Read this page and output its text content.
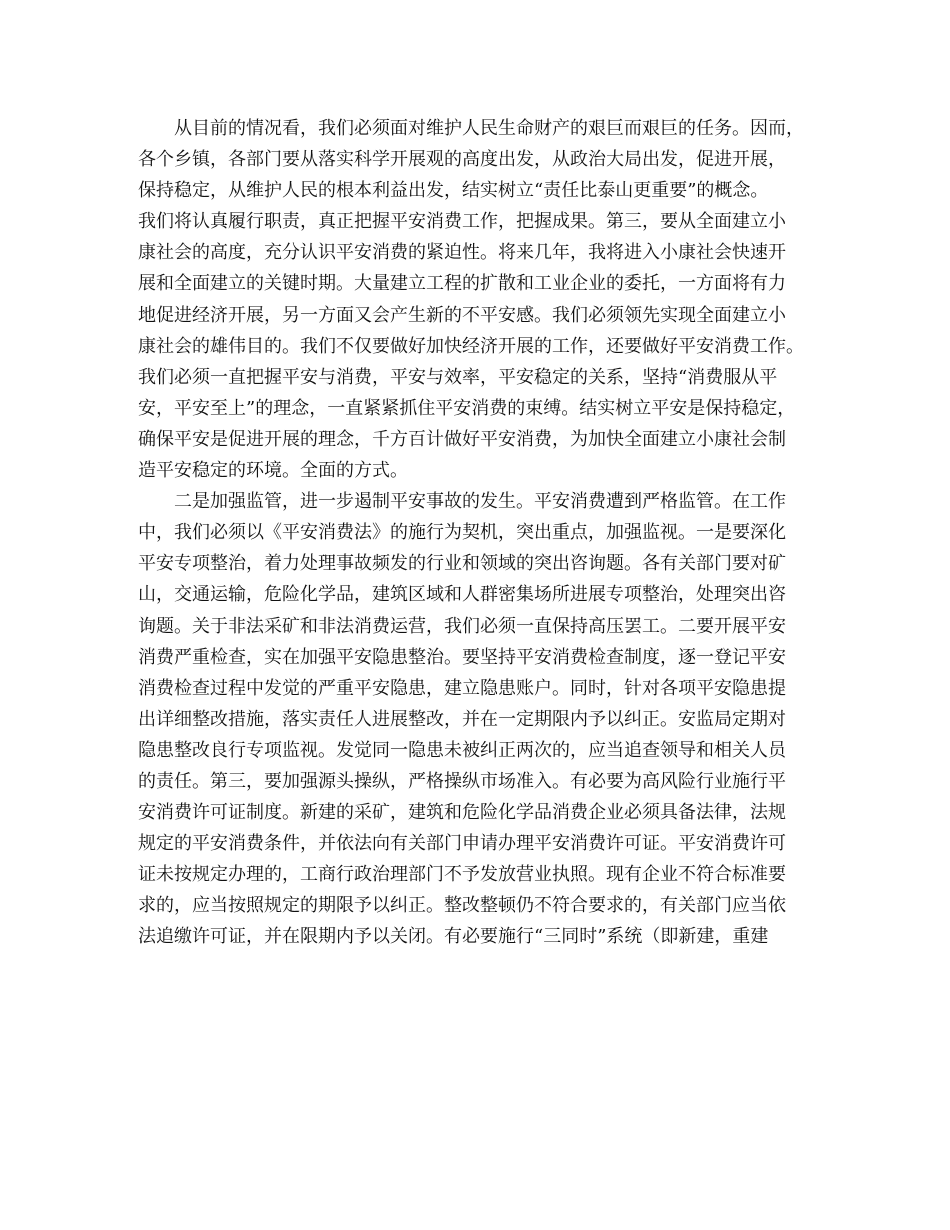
从目前的情况看，我们必须面对维护人民生命财产的艰巨而艰巨的任务。因而，
各个乡镇，各部门要从落实科学开展观的高度出发，从政治大局出发，促进开展，
保持稳定，从维护人民的根本利益出发，结实树立“责任比泰山更重要”的概念。
我们将认真履行职责，真正把握平安消费工作，把握成果。第三，要从全面建立小
康社会的高度，充分认识平安消费的紧迫性。将来几年，我将进入小康社会快速开
展和全面建立的关键时期。大量建立工程的扩散和工业企业的委托，一方面将有力
地促进经济开展，另一方面又会产生新的不平安感。我们必须领先实现全面建立小
康社会的雄伟目的。我们不仅要做好加快经济开展的工作，还要做好平安消费工作。
我们必须一直把握平安与消费，平安与效率，平安稳定的关系，坚持“消费服从平
安，平安至上”的理念，一直紧紧抓住平安消费的束缚。结实树立平安是保持稳定，
确保平安是促进开展的理念，千方百计做好平安消费，为加快全面建立小康社会制
造平安稳定的环境。全面的方式。
二是加强监管，进一步遏制平安事故的发生。平安消费遭到严格监管。在工作
中，我们必须以《平安消费法》的施行为契机，突出重点，加强监视。一是要深化
平安专项整治，着力处理事故频发的行业和领域的突出咨询题。各有关部门要对矿
山，交通运输，危险化学品，建筑区域和人群密集场所进展专项整治，处理突出咨
询题。关于非法采矿和非法消费运营，我们必须一直保持高压罢工。二要开展平安
消费严重检查，实在加强平安隐患整治。要坚持平安消费检查制度，逐一登记平安
消费检查过程中发觉的严重平安隐患，建立隐患账户。同时，针对各项平安隐患提
出详细整改措施，落实责任人进展整改，并在一定期限内予以纠正。安监局定期对
隐患整改良行专项监视。发觉同一隐患未被纠正两次的，应当追查领导和相关人员
的责任。第三，要加强源头操纵，严格操纵市场准入。有必要为高风险行业施行平
安消费许可证制度。新建的采矿，建筑和危险化学品消费企业必须具备法律，法规
规定的平安消费条件，并依法向有关部门申请办理平安消费许可证。平安消费许可
证未按规定办理的，工商行政治理部门不予发放营业执照。现有企业不符合标准要
求的，应当按照规定的期限予以纠正。整改整顿仍不符合要求的，有关部门应当依
法追缴许可证，并在限期内予以关闭。有必要施行“三同时”系统（即新建，重建
